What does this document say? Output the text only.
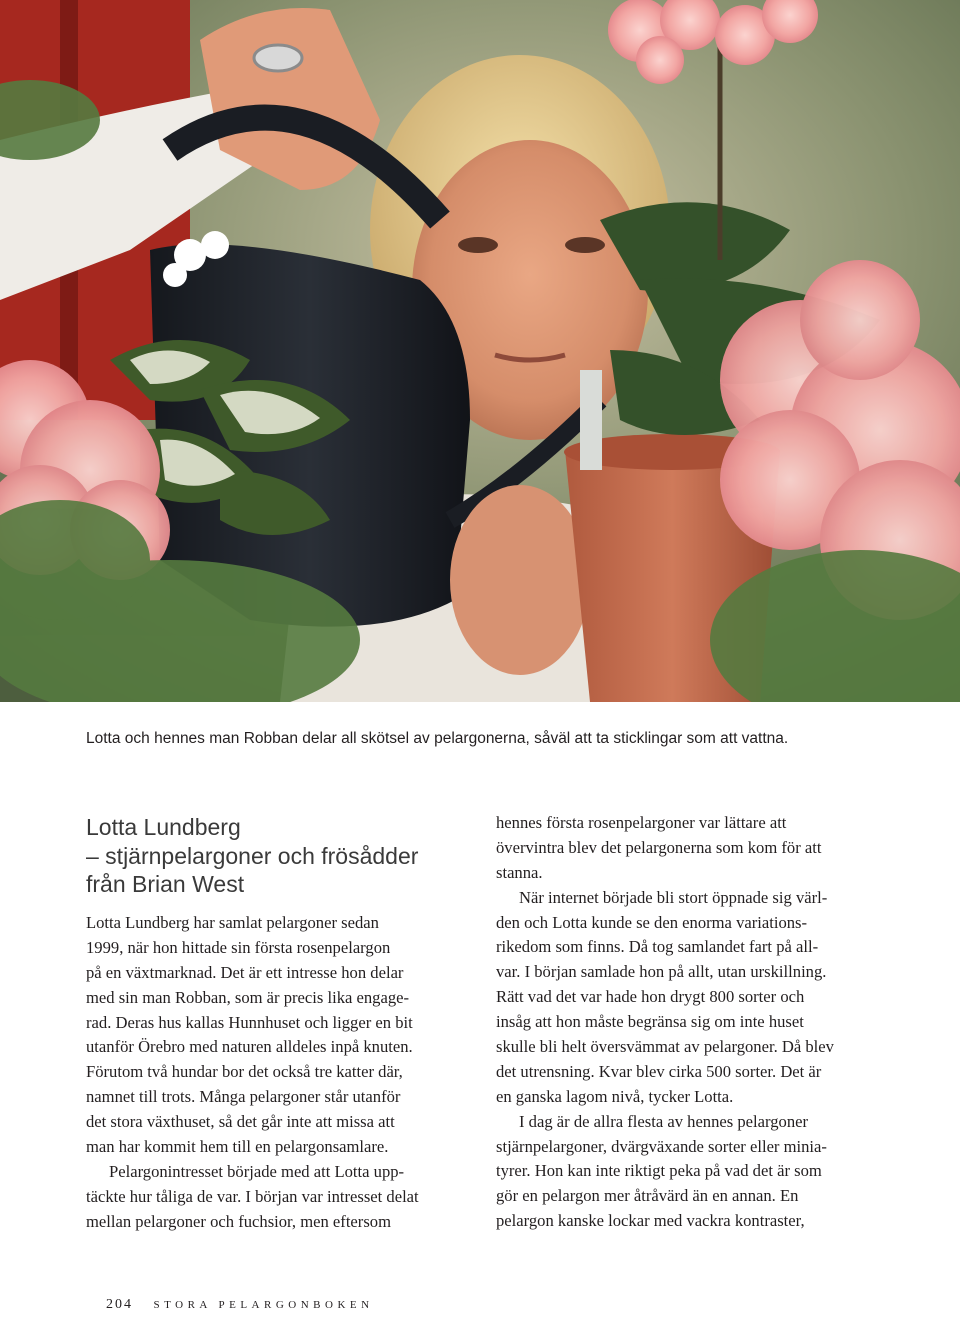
Lotta och hennes man Robban delar all skötsel av pelargonerna, såväl att ta sticklingar som att vattna.
Lotta Lundberg
– stjärnpelargoner och frösådder
från Brian West
Lotta Lundberg har samlat pelargoner sedan
1999, när hon hittade sin första rosenpelargon
på en växtmarknad. Det är ett intresse hon delar
med sin man Robban, som är precis lika engage-
rad. Deras hus kallas Hunnhuset och ligger en bit
utanför Örebro med naturen alldeles inpå knuten.
Förutom två hundar bor det också tre katter där,
namnet till trots. Många pelargoner står utanför
det stora växthuset, så det går inte att missa att
man har kommit hem till en pelargonsamlare.
Pelargonintresset började med att Lotta upp-
täckte hur tåliga de var. I början var intresset delat
mellan pelargoner och fuchsior, men eftersom
hennes första rosenpelargoner var lättare att
övervintra blev det pelargonerna som kom för att
stanna.
När internet började bli stort öppnade sig värl-
den och Lotta kunde se den enorma variations-
rikedom som finns. Då tog samlandet fart på all-
var. I början samlade hon på allt, utan urskillning.
Rätt vad det var hade hon drygt 800 sorter och
insåg att hon måste begränsa sig om inte huset
skulle bli helt översvämmat av pelargoner. Då blev
det utrensning. Kvar blev cirka 500 sorter. Det är
en ganska lagom nivå, tycker Lotta.
I dag är de allra flesta av hennes pelargoner
stjärnpelargoner, dvärgväxande sorter eller minia-
tyrer. Hon kan inte riktigt peka på vad det är som
gör en pelargon mer åtråvärd än en annan. En
pelargon kanske lockar med vackra kontraster,
204 STORA PELARGONBOKEN
